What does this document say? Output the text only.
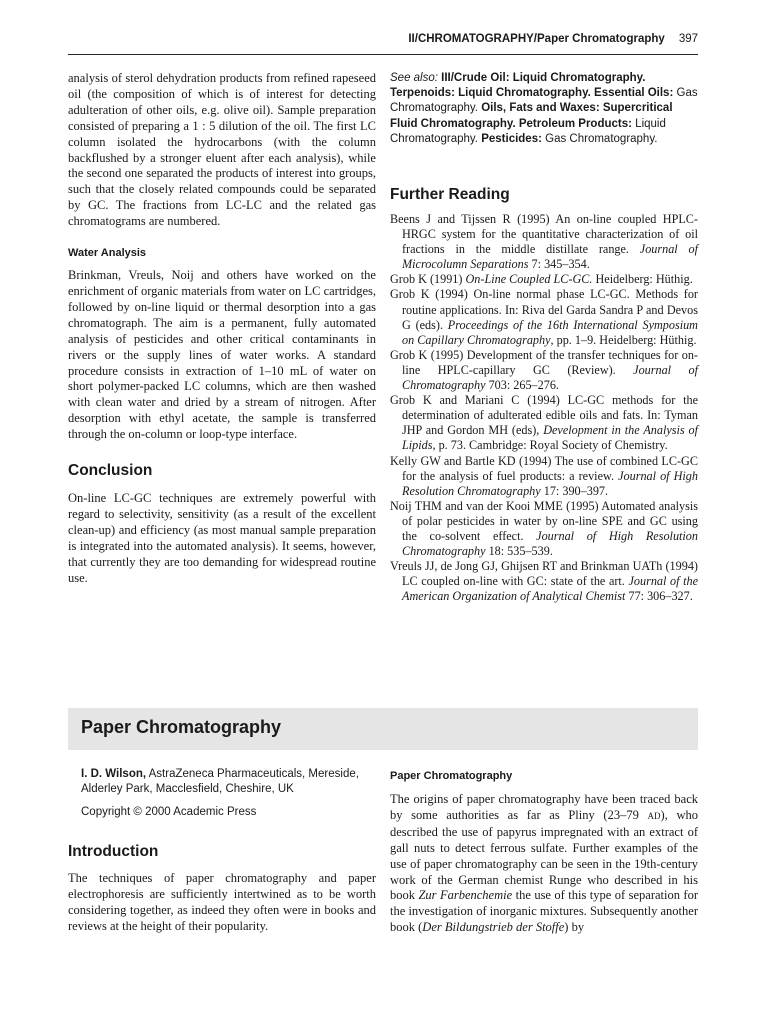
II/CHROMATOGRAPHY/Paper Chromatography 397

analysis of sterol dehydration products from refined rapeseed oil (the composition of which is of interest for detecting adulteration of other oils, e.g. olive oil). Sample preparation consisted of preparing a 1 : 5 dilution of the oil. The first LC column isolated the hydrocarbons (with the column backflushed by a stronger eluent after each analysis), while the second one separated the products of interest into groups, such that the closely related compounds could be separated by GC. The fractions from LC-LC and the related gas chromatograms are numbered.

Water Analysis

Brinkman, Vreuls, Noij and others have worked on the enrichment of organic materials from water on LC cartridges, followed by on-line liquid or thermal desorption into a gas chromatograph. The aim is a permanent, fully automated analysis of pesticides and other critical contaminants in rivers or the supply lines of water works. A standard procedure consists in extraction of 1–10 mL of water on short polymer-packed LC columns, which are then washed with clean water and dried by a stream of nitrogen. After desorption with ethyl acetate, the sample is transferred through the on-column or loop-type interface.

Conclusion

On-line LC-GC techniques are extremely powerful with regard to selectivity, sensitivity (as a result of the excellent clean-up) and efficiency (as most manual sample preparation is integrated into the automated analysis). It seems, however, that currently they are too demanding for widespread routine use.

See also: III/Crude Oil: Liquid Chromatography. Terpenoids: Liquid Chromatography. Essential Oils: Gas Chromatography. Oils, Fats and Waxes: Supercritical Fluid Chromatography. Petroleum Products: Liquid Chromatography. Pesticides: Gas Chromatography.
Further Reading
Beens J and Tijssen R (1995) An on-line coupled HPLC-HRGC system for the quantitative characterization of oil fractions in the middle distillate range. Journal of Microcolumn Separations 7: 345–354.
Grob K (1991) On-Line Coupled LC-GC. Heidelberg: Hüthig.
Grob K (1994) On-line normal phase LC-GC. Methods for routine applications. In: Riva del Garda Sandra P and Devos G (eds). Proceedings of the 16th International Symposium on Capillary Chromatography, pp. 1–9. Heidelberg: Hüthig.
Grob K (1995) Development of the transfer techniques for on-line HPLC-capillary GC (Review). Journal of Chromatography 703: 265–276.
Grob K and Mariani C (1994) LC-GC methods for the determination of adulterated edible oils and fats. In: Tyman JHP and Gordon MH (eds), Development in the Analysis of Lipids, p. 73. Cambridge: Royal Society of Chemistry.
Kelly GW and Bartle KD (1994) The use of combined LC-GC for the analysis of fuel products: a review. Journal of High Resolution Chromatography 17: 390–397.
Noij THM and van der Kooi MME (1995) Automated analysis of polar pesticides in water by on-line SPE and GC using the co-solvent effect. Journal of High Resolution Chromatography 18: 535–539.
Vreuls JJ, de Jong GJ, Ghijsen RT and Brinkman UATh (1994) LC coupled on-line with GC: state of the art. Journal of the American Organization of Analytical Chemist 77: 306–327.
Paper Chromatography
I. D. Wilson, AstraZeneca Pharmaceuticals, Mereside, Alderley Park, Macclesfield, Cheshire, UK
Copyright © 2000 Academic Press
Introduction

The techniques of paper chromatography and paper electrophoresis are sufficiently intertwined as to be worth considering together, as indeed they often were in books and reviews at the height of their popularity.

Paper Chromatography

The origins of paper chromatography have been traced back by some authorities as far as Pliny (23–79 AD), who described the use of papyrus impregnated with an extract of gall nuts to detect ferrous sulfate. Further examples of the use of paper chromatography can be seen in the 19th-century work of the German chemist Runge who described in his book Zur Farbenchemie the use of this type of separation for the investigation of inorganic mixtures. Subsequently another book (Der Bildungstrieb der Stoffe) by
